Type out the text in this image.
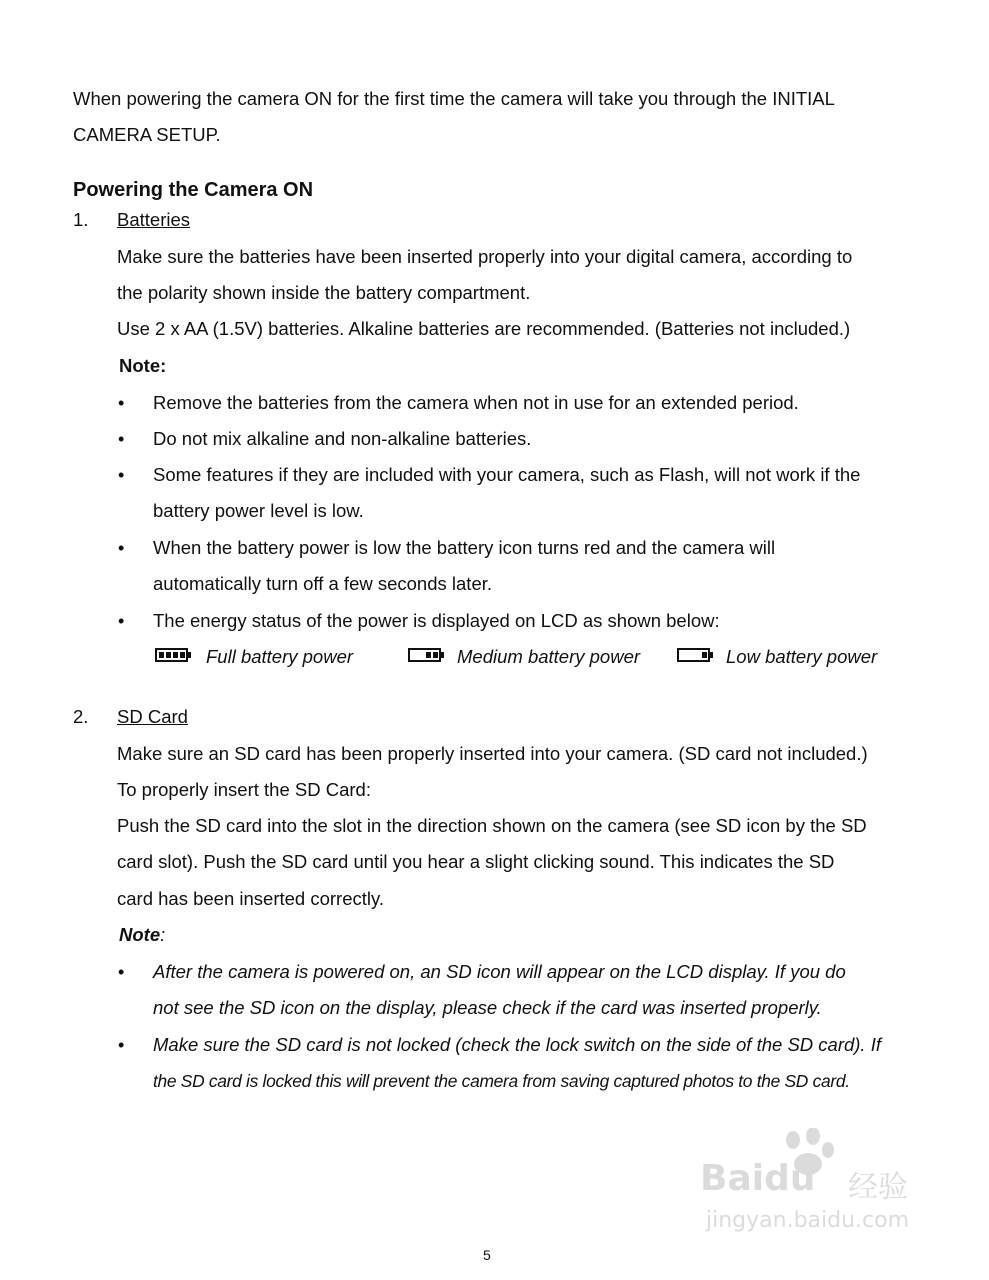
When powering the camera ON for the first time the camera will take you through the INITIAL
CAMERA SETUP.
Powering the Camera ON
1. Batteries
Make sure the batteries have been inserted properly into your digital camera, according to
the polarity shown inside the battery compartment.
Use 2 x AA (1.5V) batteries. Alkaline batteries are recommended. (Batteries not included.)
Note:
• Remove the batteries from the camera when not in use for an extended period.
• Do not mix alkaline and non-alkaline batteries.
• Some features if they are included with your camera, such as Flash, will not work if the
battery power level is low.
• When the battery power is low the battery icon turns red and the camera will
automatically turn off a few seconds later.
• The energy status of the power is displayed on LCD as shown below:
Full battery power	Medium battery power	Low battery power
2. SD Card
Make sure an SD card has been properly inserted into your camera. (SD card not included.)
To properly insert the SD Card:
Push the SD card into the slot in the direction shown on the camera (see SD icon by the SD
card slot). Push the SD card until you hear a slight clicking sound. This indicates the SD
card has been inserted correctly.
Note:
• After the camera is powered on, an SD icon will appear on the LCD display. If you do
not see the SD icon on the display, please check if the card was inserted properly.
• Make sure the SD card is not locked (check the lock switch on the side of the SD card). If
the SD card is locked this will prevent the camera from saving captured photos to the SD card.
Baidu 经验
jingyan.baidu.com
5
